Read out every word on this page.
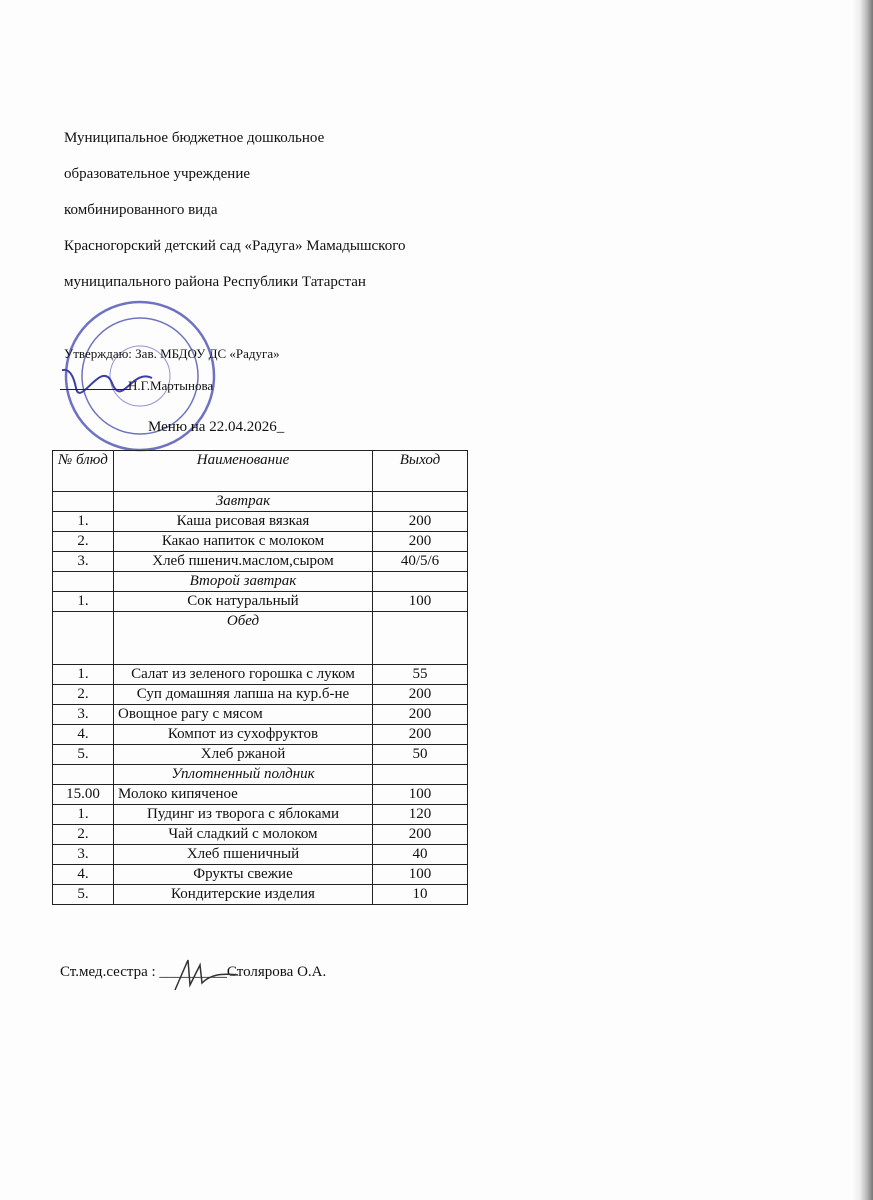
Муниципальное бюджетное дошкольное
образовательное учреждение
комбинированного вида
Красногорский детский сад «Радуга» Мамадышского
муниципального района Республики Татарстан
Утверждаю: Зав. МБДОУ ДС «Радуга»
Н.Г.Мартынова
Меню на 22.04.2026_
№ блюд	Наименование	Выход
	Завтрак	
1.	Каша рисовая вязкая	200
2.	Какао напиток с молоком	200
3.	Хлеб пшенич.маслом,сыром	40/5/6
	Второй завтрак	
1.	Сок натуральный	100
	Обед	
1.	Салат из зеленого горошка с луком	55
2.	Суп домашняя лапша на кур.б-не	200
3.	Овощное рагу с мясом	200
4.	Компот из сухофруктов	200
5.	Хлеб ржаной	50
	Уплотненный полдник	
15.00	Молоко кипяченое	100
1.	Пудинг из творога с яблоками	120
2.	Чай сладкий с молоком	200
3.	Хлеб пшеничный	40
4.	Фрукты свежие	100
5.	Кондитерские изделия	10
Ст.мед.сестра : _________Столярова О.А.
